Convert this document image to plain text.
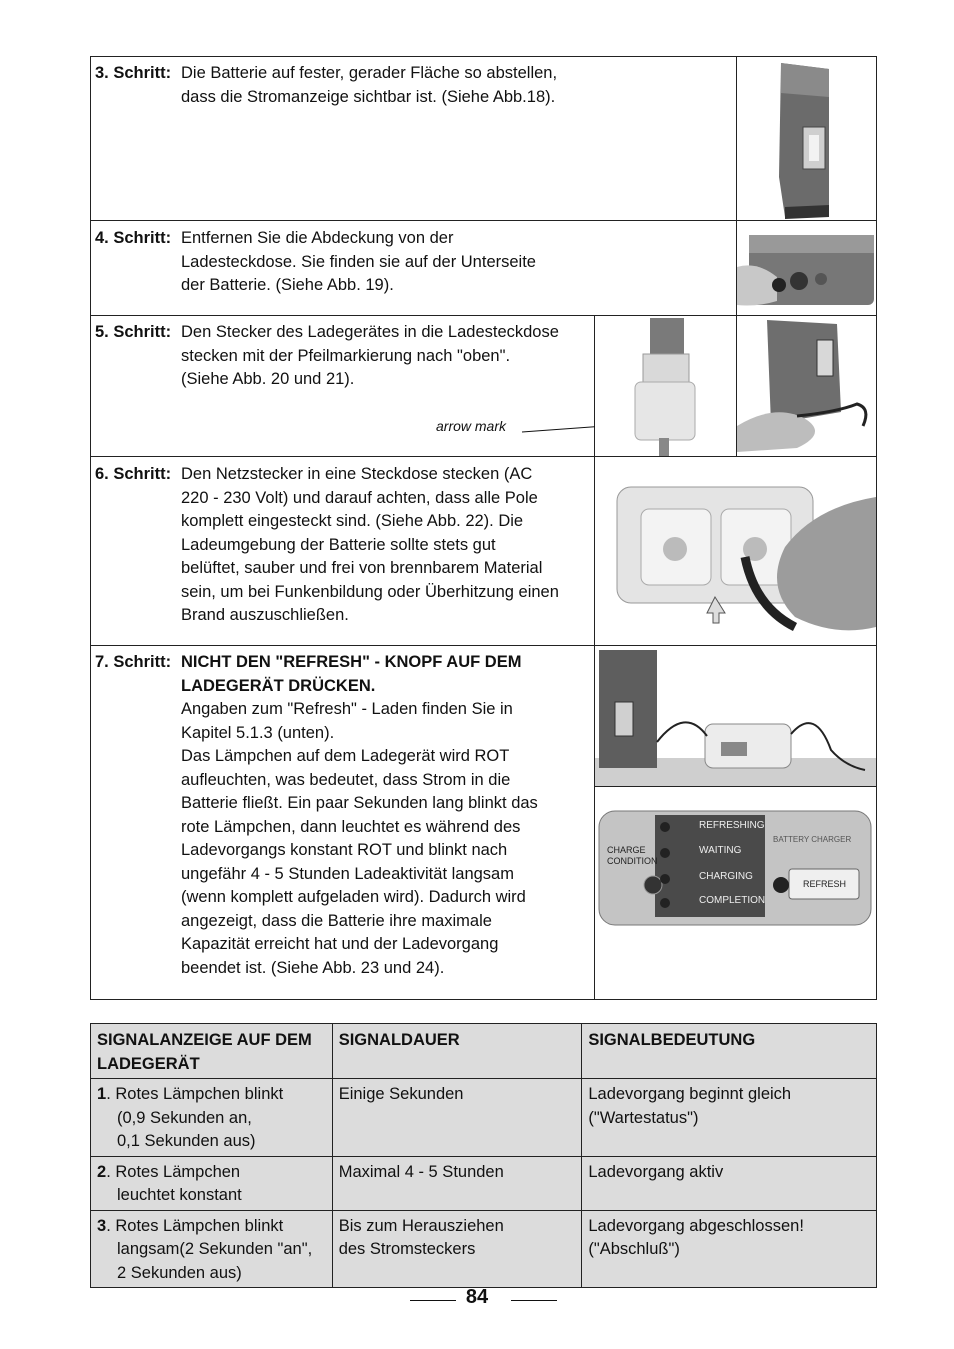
3. Schritt: Die Batterie auf fester, gerader Fläche so abstellen,
dass die Stromanzeige sichtbar ist. (Siehe Abb.18).
4. Schritt: Entfernen Sie die Abdeckung von der
Ladesteckdose. Sie finden sie auf der Unterseite
der Batterie. (Siehe Abb. 19).
5. Schritt: Den Stecker des Ladegerätes in die Ladesteckdose
stecken mit der Pfeilmarkierung nach "oben".
(Siehe Abb. 20 und 21).
arrow mark
6. Schritt: Den Netzstecker in eine Steckdose stecken (AC
220 - 230 Volt) und darauf achten, dass alle Pole
komplett eingesteckt sind. (Siehe Abb. 22). Die
Ladeumgebung der Batterie sollte stets gut
belüftet, sauber und frei von brennbarem Material
sein, um bei Funkenbildung oder Überhitzung einen
Brand auszuschließen.
7. Schritt: NICHT DEN "REFRESH" - KNOPF AUF DEM
LADEGERÄT DRÜCKEN.
Angaben zum "Refresh" - Laden finden Sie in
Kapitel 5.1.3 (unten).
Das Lämpchen auf dem Ladegerät wird ROT
aufleuchten, was bedeutet, dass Strom in die
Batterie fließt. Ein paar Sekunden lang blinkt das
rote Lämpchen, dann leuchtet es während des
Ladevorgangs konstant ROT und blinkt nach
ungefähr 4 - 5 Stunden Ladeaktivität langsam
(wenn komplett aufgeladen wird). Dadurch wird
angezeigt, dass die Batterie ihre maximale
Kapazität erreicht hat und der Ladevorgang
beendet ist. (Siehe Abb. 23 und 24).
CHARGE
CONDITION
REFRESHING
WAITING
CHARGING
COMPLETION
BATTERY CHARGER
REFRESH
SIGNALANZEIGE AUF DEM
LADEGERÄT	SIGNALDAUER	SIGNALBEDEUTUNG

1. Rotes Lämpchen blinkt
(0,9 Sekunden an,
0,1 Sekunden aus)	Einige Sekunden	Ladevorgang beginnt gleich
("Wartestatus")

2. Rotes Lämpchen
leuchtet konstant	Maximal 4 - 5 Stunden	Ladevorgang aktiv

3. Rotes Lämpchen blinkt
langsam(2 Sekunden "an",
2 Sekunden aus)	Bis zum Herausziehen
des Stromsteckers	Ladevorgang abgeschlossen!
("Abschluß")
84
